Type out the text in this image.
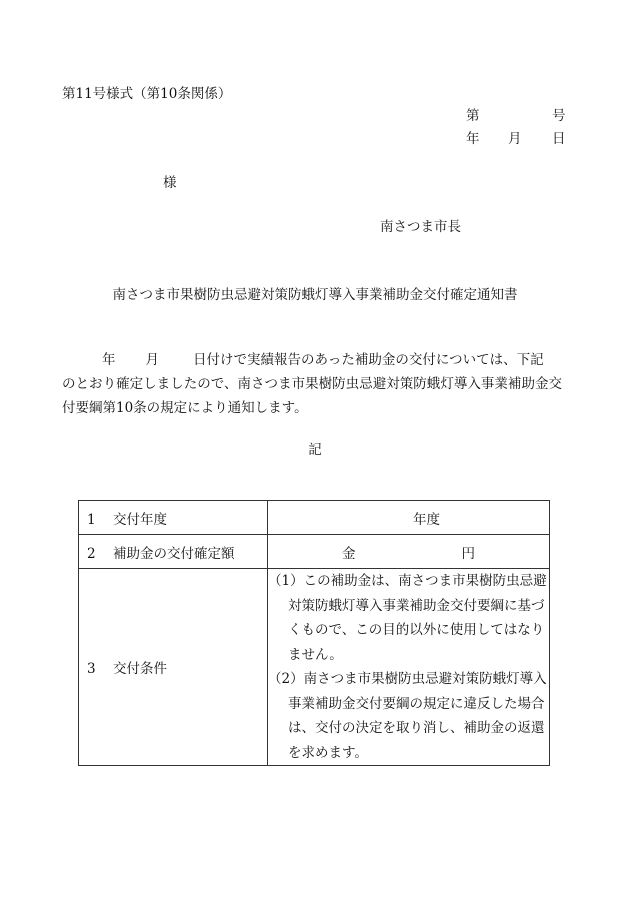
第11号様式（第10条関係）
第	号
年 月 日
様
南さつま市長
南さつま市果樹防虫忌避対策防蛾灯導入事業補助金交付確定通知書
年 月	日付けで実績報告のあった補助金の交付については、下記
のとおり確定しましたので、南さつま市果樹防虫忌避対策防蛾灯導入事業補助金交付要綱第10条の規定により通知します。
記
1 交付年度	年度
2 補助金の交付確定額	金 円
3 交付条件	（1）この補助金は、南さつま市果樹防虫忌避対策防蛾灯導入事業補助金交付要綱に基づくもので、この目的以外に使用してはなりません。
（2）南さつま市果樹防虫忌避対策防蛾灯導入事業補助金交付要綱の規定に違反した場合は、交付の決定を取り消し、補助金の返還を求めます。
